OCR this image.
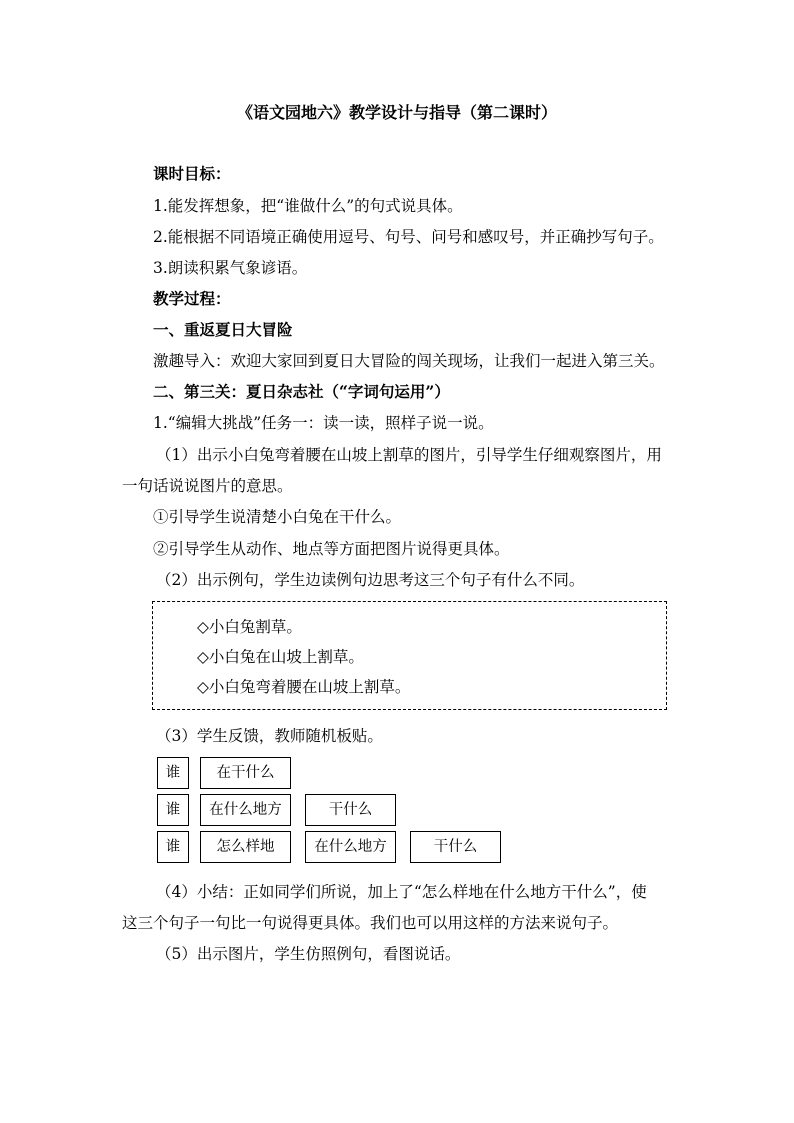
《语文园地六》教学设计与指导（第二课时）
课时目标：
1.能发挥想象，把“谁做什么”的句式说具体。
2.能根据不同语境正确使用逗号、句号、问号和感叹号，并正确抄写句子。
3.朗读积累气象谚语。
教学过程：
一、重返夏日大冒险
激趣导入：欢迎大家回到夏日大冒险的闯关现场，让我们一起进入第三关。
二、第三关：夏日杂志社（“字词句运用”）
1.“编辑大挑战”任务一：读一读，照样子说一说。
（1）出示小白兔弯着腰在山坡上割草的图片，引导学生仔细观察图片，用
一句话说说图片的意思。
①引导学生说清楚小白兔在干什么。
②引导学生从动作、地点等方面把图片说得更具体。
（2）出示例句，学生边读例句边思考这三个句子有什么不同。
◇小白兔割草。
◇小白兔在山坡上割草。
◇小白兔弯着腰在山坡上割草。
（3）学生反馈，教师随机板贴。
谁	在干什么
谁	在什么地方	干什么
谁	怎么样地	在什么地方	干什么
（4）小结：正如同学们所说，加上了“怎么样地在什么地方干什么”，使
这三个句子一句比一句说得更具体。我们也可以用这样的方法来说句子。
（5）出示图片，学生仿照例句，看图说话。
